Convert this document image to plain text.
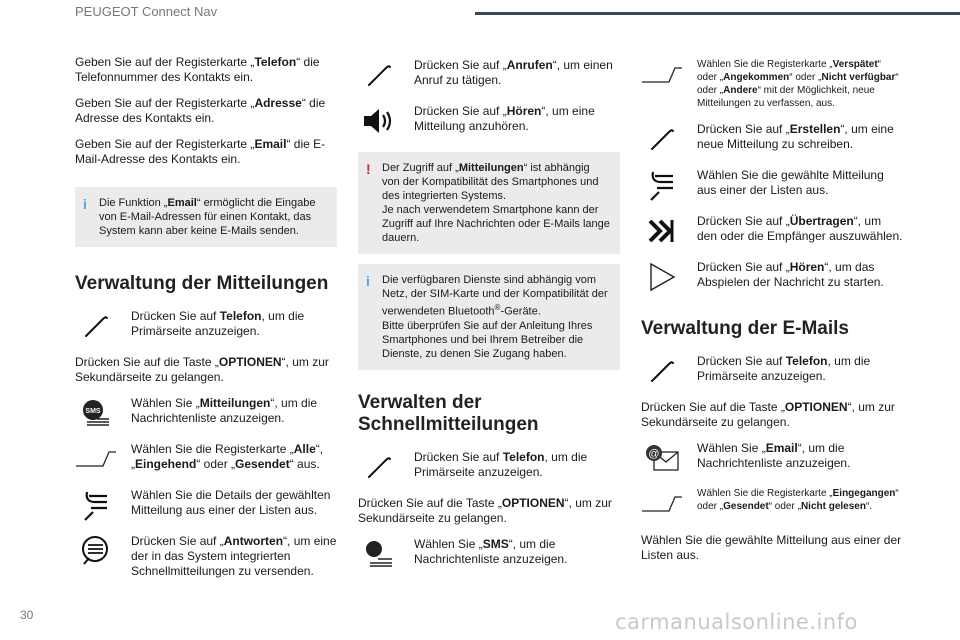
PEUGEOT Connect Nav

Geben Sie auf der Registerkarte „Telefon“ die Telefonnummer des Kontakts ein.

Geben Sie auf der Registerkarte „Adresse“ die Adresse des Kontakts ein.

Geben Sie auf der Registerkarte „Email“ die E-Mail-Adresse des Kontakts ein.

i Die Funktion „Email“ ermöglicht die Eingabe von E-Mail-Adressen für einen Kontakt, das System kann aber keine E-Mails senden.
Verwaltung der Mitteilungen
Drücken Sie auf Telefon, um die Primärseite anzuzeigen.

Drücken Sie auf die Taste „OPTIONEN“, um zur Sekundärseite zu gelangen.

SMS
Wählen Sie „Mitteilungen“, um die Nachrichtenliste anzuzeigen.
Wählen Sie die Registerkarte „Alle“, „Eingehend“ oder „Gesendet“ aus.
Wählen Sie die Details der gewählten Mitteilung aus einer der Listen aus.
Drücken Sie auf „Antworten“, um eine der in das System integrierten Schnellmitteilungen zu versenden.
Drücken Sie auf „Anrufen“, um einen Anruf zu tätigen.
Drücken Sie auf „Hören“, um eine Mitteilung anzuhören.
! Der Zugriff auf „Mitteilungen“ ist abhängig von der Kompatibilität des Smartphones und des integrierten Systems.
Je nach verwendetem Smartphone kann der Zugriff auf Ihre Nachrichten oder E-Mails lange dauern.
i Die verfügbaren Dienste sind abhängig vom Netz, der SIM-Karte und der Kompatibilität der verwendeten Bluetooth®-Geräte.
Bitte überprüfen Sie auf der Anleitung Ihres Smartphones und bei Ihrem Betreiber die Dienste, zu denen Sie Zugang haben.
Verwalten der Schnellmitteilungen
Drücken Sie auf Telefon, um die Primärseite anzuzeigen.

Drücken Sie auf die Taste „OPTIONEN“, um zur Sekundärseite zu gelangen.

Wählen Sie „SMS“, um die Nachrichtenliste anzuzeigen.
Wählen Sie die Registerkarte „Verspätet“ oder „Angekommen“ oder „Nicht verfügbar“ oder „Andere“ mit der Möglichkeit, neue Mitteilungen zu verfassen, aus.
Drücken Sie auf „Erstellen“, um eine neue Mitteilung zu schreiben.
Wählen Sie die gewählte Mitteilung aus einer der Listen aus.
Drücken Sie auf „Übertragen“, um den oder die Empfänger auszuwählen.
Drücken Sie auf „Hören“, um das Abspielen der Nachricht zu starten.
Verwaltung der E-Mails
Drücken Sie auf Telefon, um die Primärseite anzuzeigen.

Drücken Sie auf die Taste „OPTIONEN“, um zur Sekundärseite zu gelangen.

@	Wählen Sie „Email“, um die Nachrichtenliste anzuzeigen.
Wählen Sie die Registerkarte „Eingegangen“ oder „Gesendet“ oder „Nicht gelesen“.

Wählen Sie die gewählte Mitteilung aus einer der Listen aus.

30	carmanualsonline.info
